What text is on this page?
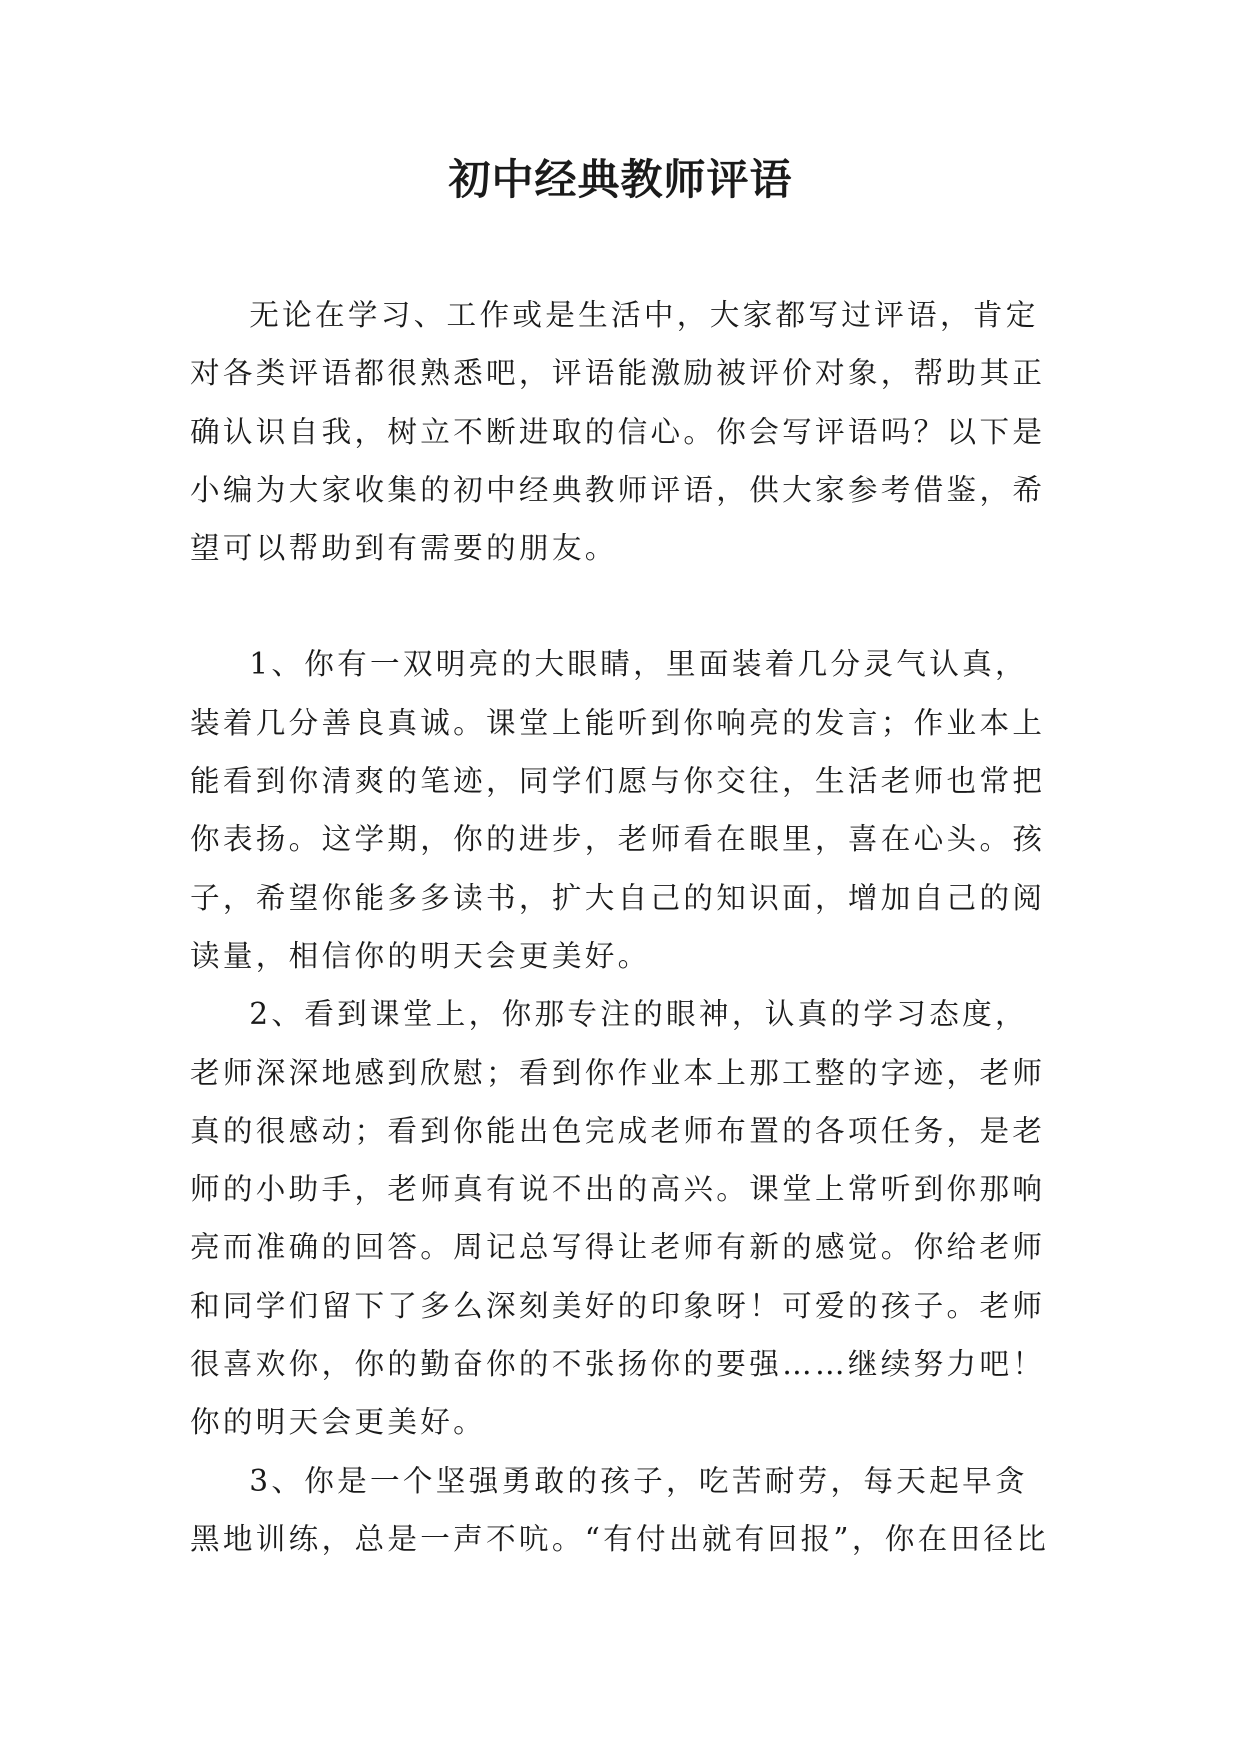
初中经典教师评语

无论在学习、工作或是生活中，大家都写过评语，肯定对各类评语都很熟悉吧，评语能激励被评价对象，帮助其正确认识自我，树立不断进取的信心。你会写评语吗？以下是小编为大家收集的初中经典教师评语，供大家参考借鉴，希望可以帮助到有需要的朋友。

1、你有一双明亮的大眼睛，里面装着几分灵气认真，装着几分善良真诚。课堂上能听到你响亮的发言；作业本上能看到你清爽的笔迹，同学们愿与你交往，生活老师也常把你表扬。这学期，你的进步，老师看在眼里，喜在心头。孩子，希望你能多多读书，扩大自己的知识面，增加自己的阅读量，相信你的明天会更美好。

2、看到课堂上，你那专注的眼神，认真的学习态度，老师深深地感到欣慰；看到你作业本上那工整的字迹，老师真的很感动；看到你能出色完成老师布置的各项任务，是老师的小助手，老师真有说不出的高兴。课堂上常听到你那响亮而准确的回答。周记总写得让老师有新的感觉。你给老师和同学们留下了多么深刻美好的印象呀！可爱的孩子。老师很喜欢你，你的勤奋你的不张扬你的要强……继续努力吧！你的明天会更美好。

3、你是一个坚强勇敢的孩子，吃苦耐劳，每天起早贪黑地训练，总是一声不吭。“有付出就有回报”，你在田径比
